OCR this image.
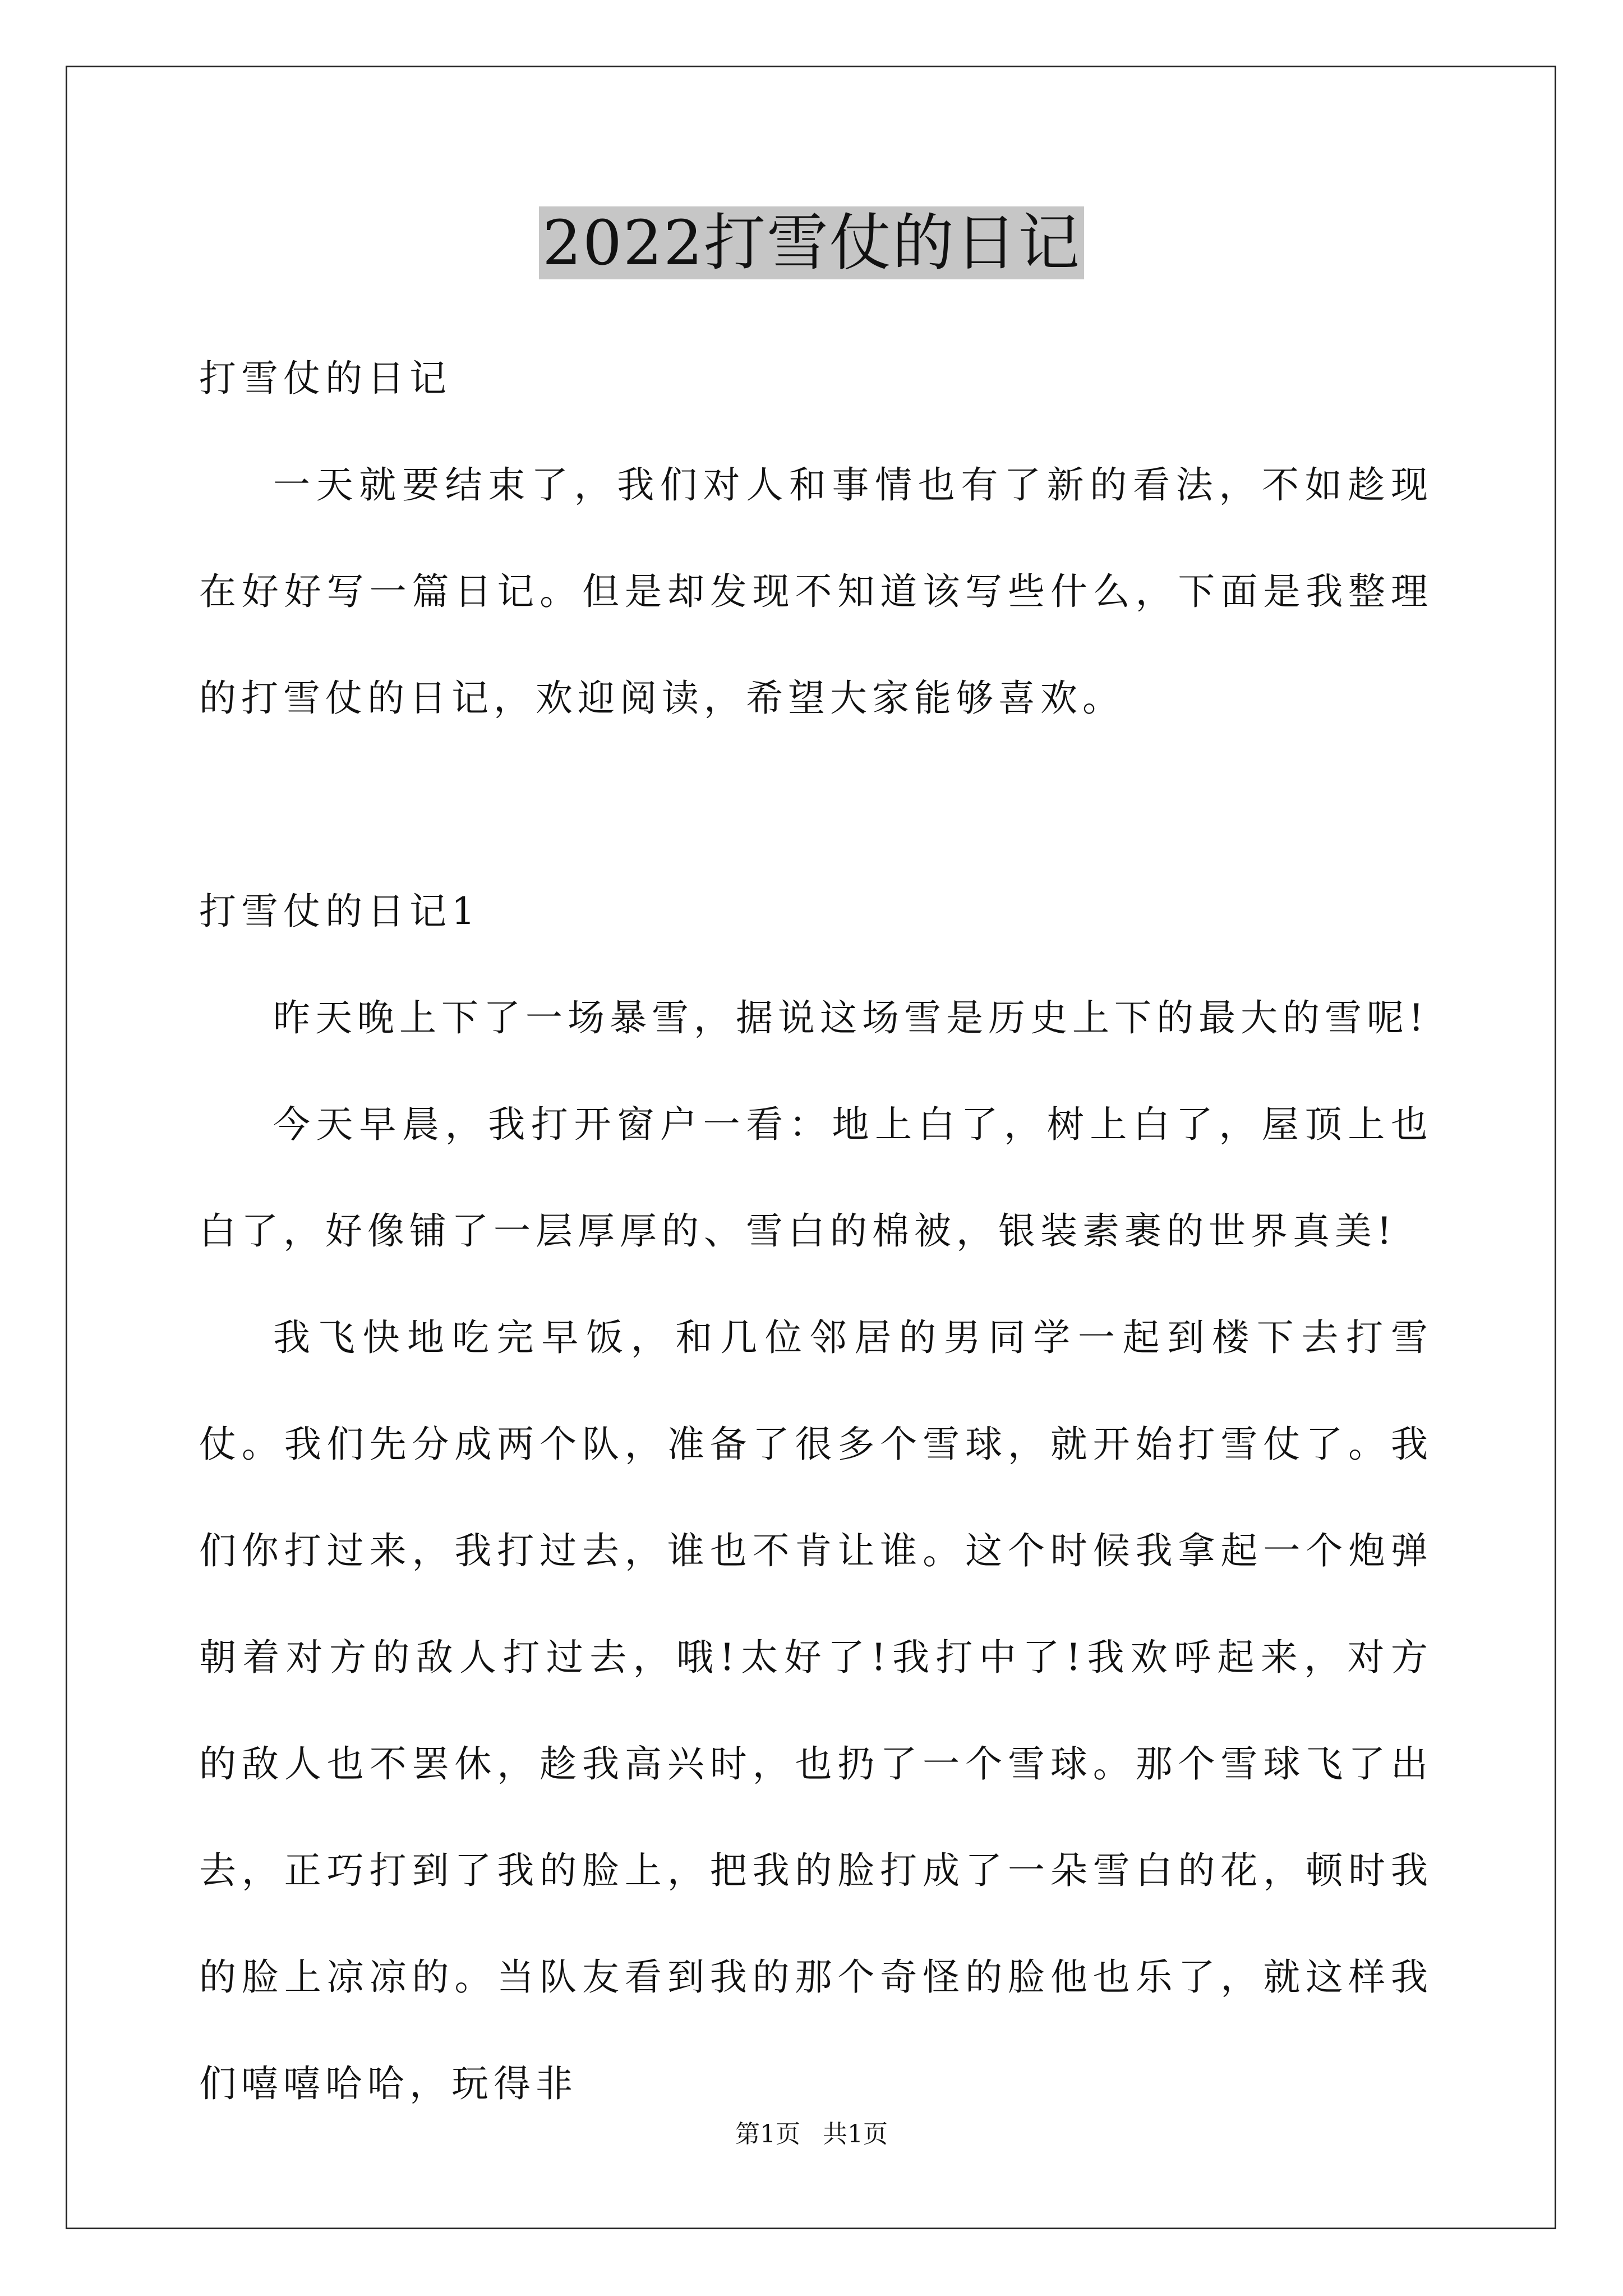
2022打雪仗的日记

打雪仗的日记

一天就要结束了，我们对人和事情也有了新的看法，不如趁现在好好写一篇日记。但是却发现不知道该写些什么，下面是我整理的打雪仗的日记，欢迎阅读，希望大家能够喜欢。

打雪仗的日记1

昨天晚上下了一场暴雪，据说这场雪是历史上下的最大的雪呢!

今天早晨，我打开窗户一看：地上白了，树上白了，屋顶上也白了，好像铺了一层厚厚的、雪白的棉被，银装素裹的世界真美!

我飞快地吃完早饭，和几位邻居的男同学一起到楼下去打雪仗。我们先分成两个队，准备了很多个雪球，就开始打雪仗了。我们你打过来，我打过去，谁也不肯让谁。这个时候我拿起一个炮弹朝着对方的敌人打过去，哦!太好了!我打中了!我欢呼起来，对方的敌人也不罢休，趁我高兴时，也扔了一个雪球。那个雪球飞了出去，正巧打到了我的脸上，把我的脸打成了一朵雪白的花，顿时我的脸上凉凉的。当队友看到我的那个奇怪的脸他也乐了，就这样我们嘻嘻哈哈，玩得非

第1页 共1页
